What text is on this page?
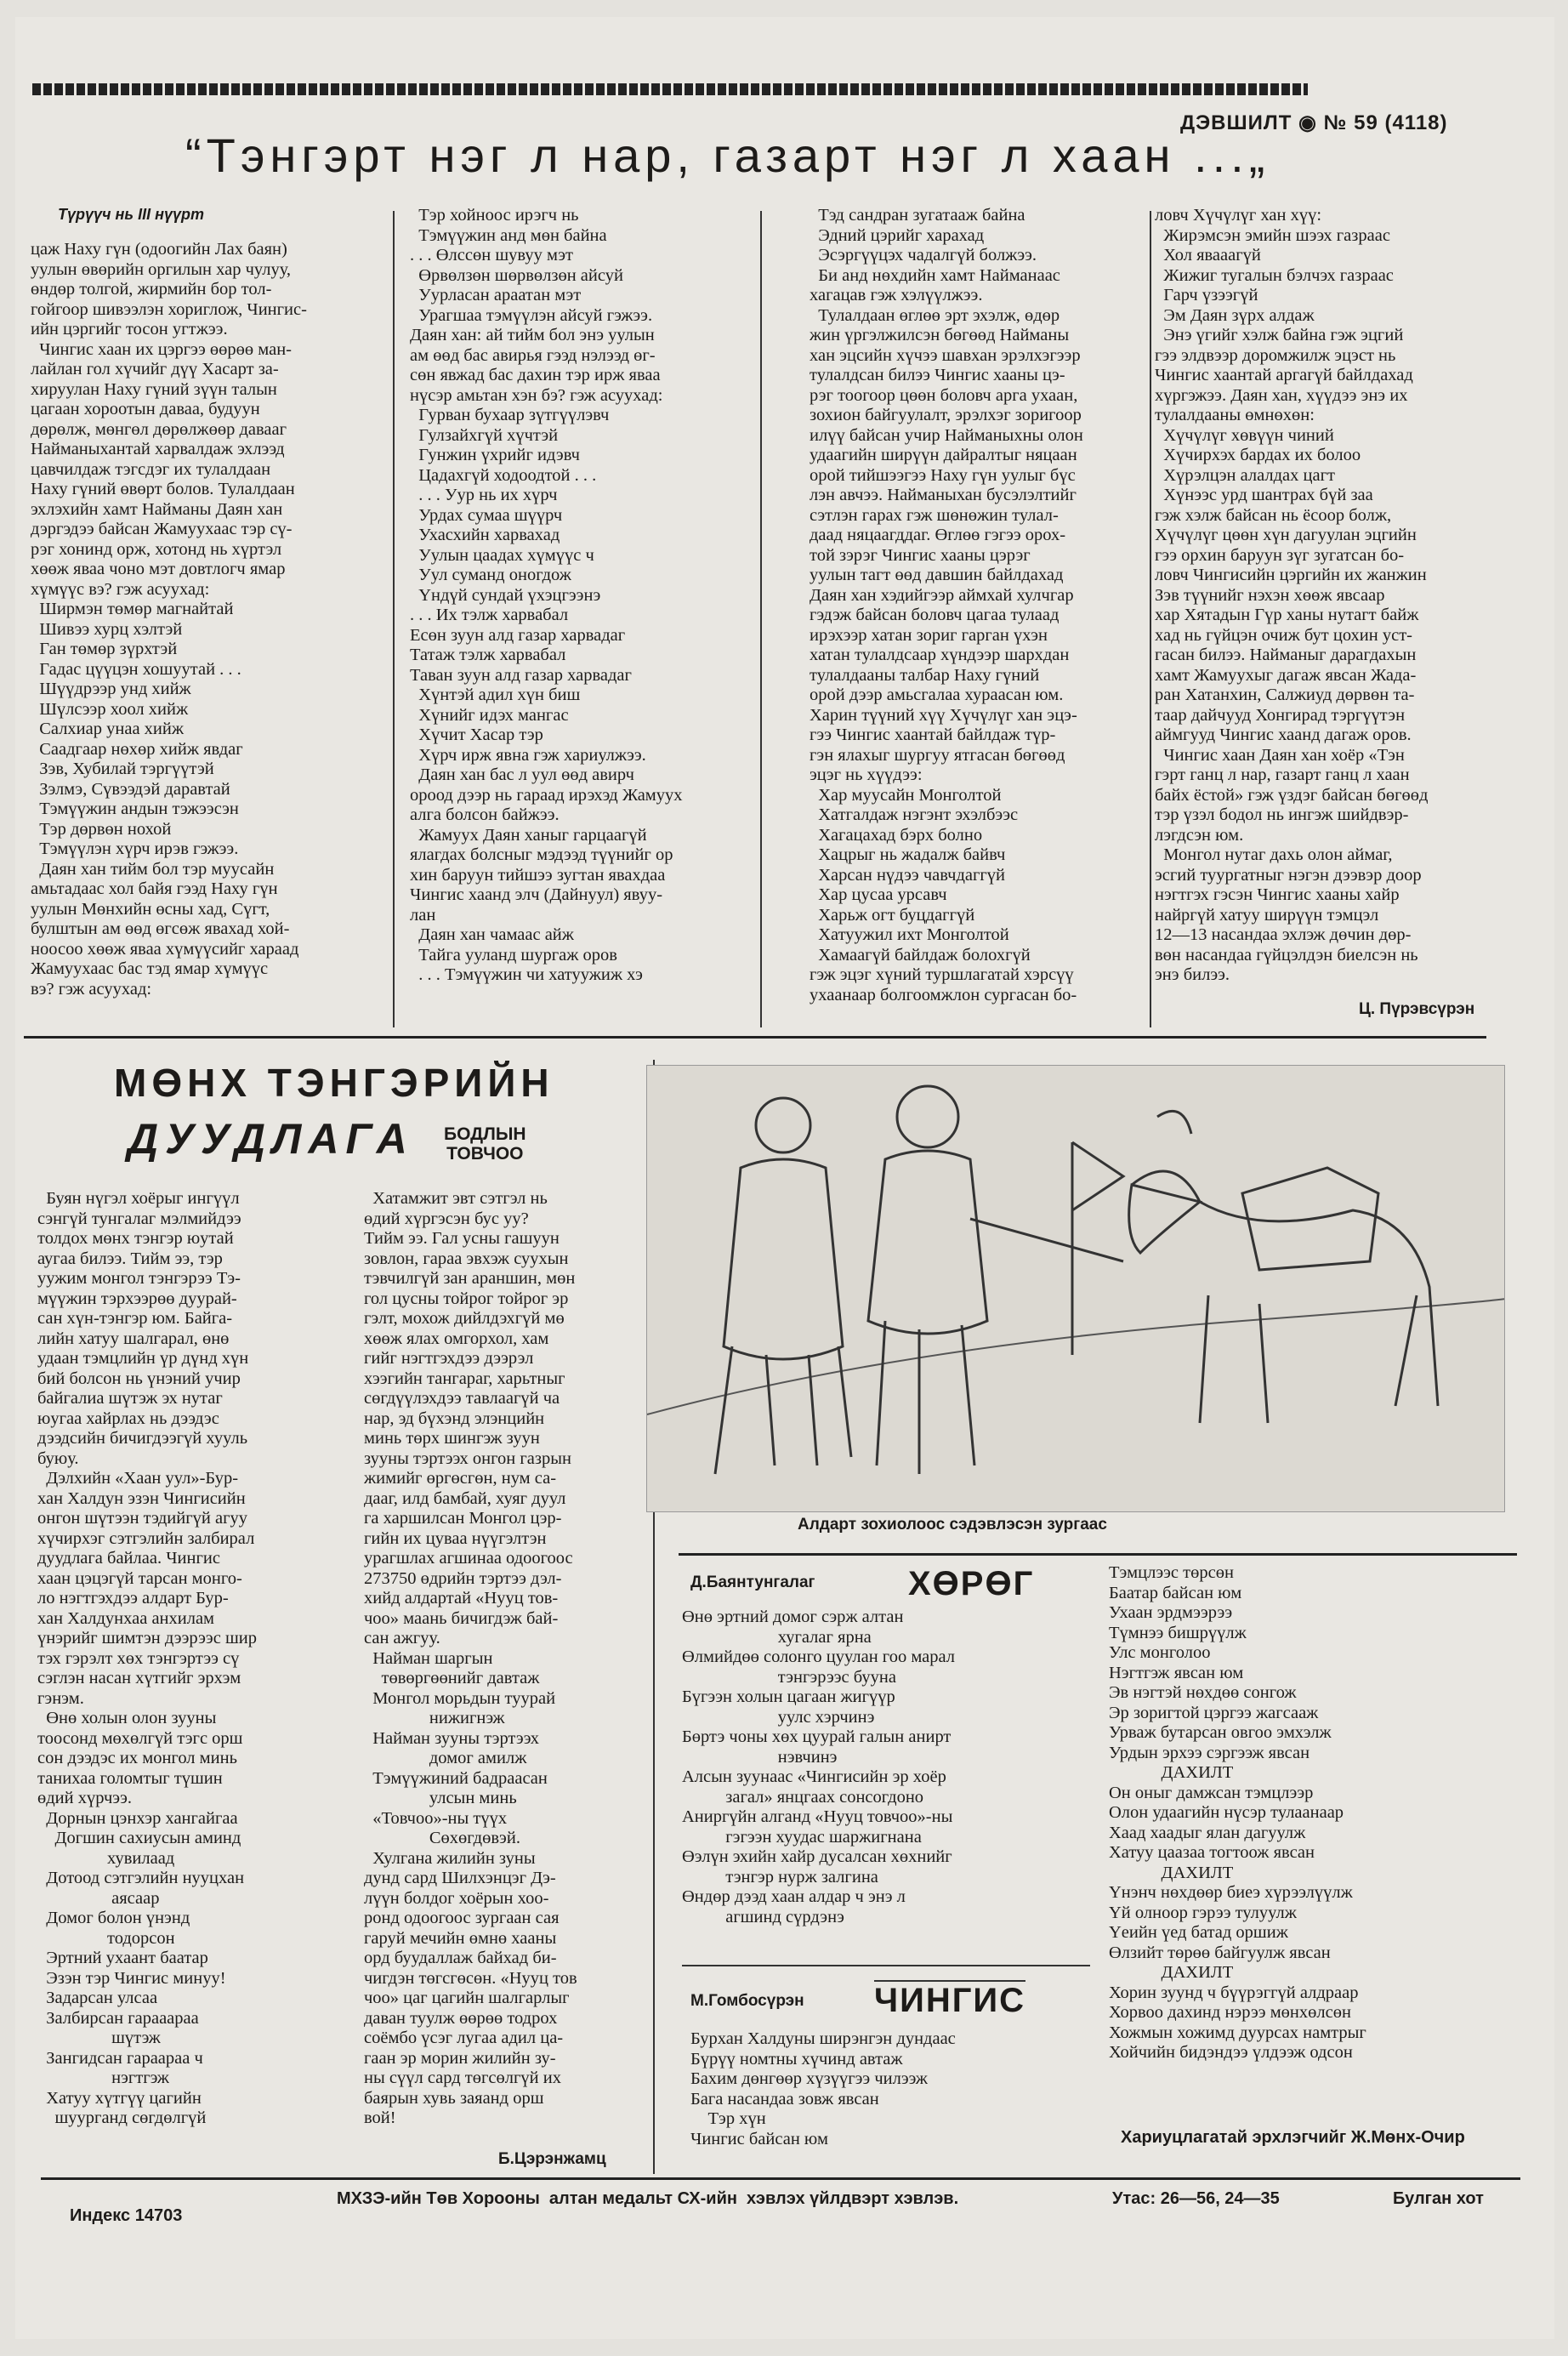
ДЭВШИЛТ ◉ № 59 (4118)
“Тэнгэрт нэг л нар, газарт нэг л хаан ...„
Түрүүч нь III нүүрт
цаж Наху гүн (одоогийн Лах баян)
уулын өвөрийн оргилын хар чулуу,
өндөр толгой, жирмийн бор тол-
гойгоор шивээлэн хориглож, Чингис-
ийн цэргийг тосон угтжээ.
Чингис хаан их цэргээ өөрөө ман-
лайлан гол хүчийг дүү Хасарт за-
хируулан Наху гүний зүүн талын
цагаан хороотын даваа, будуун
дөрөлж, мөнгөл дөрөлжөөр давааг
Найманыхантай харвалдаж эхлээд
цавчилдаж тэгсдэг их тулалдаан
Наху гүний өвөрт болов. Тулалдаан
эхлэхийн хамт Найманы Даян хан
дэргэдээ байсан Жамуухаас тэр сү-
рэг хонинд орж, хотонд нь хүртэл
хөөж яваа чоно мэт довтлогч ямар
хүмүүс вэ? гэж асуухад:
Ширмэн төмөр магнайтай
Шивээ хурц хэлтэй
Ган төмөр зүрхтэй
Гадас цүүцэн хошуутай . . .
Шүүдрээр унд хийж
Шүлсээр хоол хийж
Салхиар унаа хийж
Саадгаар нөхөр хийж явдаг
Зэв, Хубилай тэргүүтэй
Зэлмэ, Сүвээдэй даравтай
Тэмүүжин андын тэжээсэн
Тэр дөрвөн нохой
Тэмүүлэн хүрч ирэв гэжээ.
Даян хан тийм бол тэр муусайн
амьтадаас хол байя гээд Наху гүн
уулын Мөнхийн өсны хад, Сүгт,
булштын ам өөд өгсөж явахад хой-
ноосоо хөөж яваа хүмүүсийг хараад
Жамуухаас бас тэд ямар хүмүүс
вэ? гэж асуухад:
Тэр хойноос ирэгч нь
Тэмүүжин анд мөн байна
. . . Өлссөн шувуу мэт
Өрвөлзөн шөрвөлзөн айсуй
Уурласан араатан мэт
Урагшаа тэмүүлэн айсуй гэжээ.
Даян хан: ай тийм бол энэ уулын
ам өөд бас авирья гээд нэлээд өг-
сөн явжад бас дахин тэр ирж яваа
нүсэр амьтан хэн бэ? гэж асуухад:
Гурван бухаар зүтгүүлэвч
Гулзайхгүй хүчтэй
Гунжин үхрийг идэвч
Цадахгүй ходоодтой . . .
. . . Уур нь их хүрч
Урдах сумаа шүүрч
Ухасхийн харвахад
Уулын цаадах хүмүүс ч
Уул суманд оногдож
Үндүй сундай үхэцгээнэ
. . . Их тэлж харвабал
Есөн зуун алд газар харвадаг
Татаж тэлж харвабал
Таван зуун алд газар харвадаг
Хүнтэй адил хүн биш
Хүнийг идэх мангас
Хүчит Хасар тэр
Хүрч ирж явна гэж хариулжээ.
Даян хан бас л уул өөд авирч
ороод дээр нь гараад ирэхэд Жамуух
алга болсон байжээ.
Жамуух Даян ханыг гарцаагүй
ялагдах болсныг мэдээд түүнийг ор
хин баруун тийшээ зугтан явахдаа
Чингис хаанд элч (Дайнуул) явуу-
лан
Даян хан чамаас айж
Тайга ууланд шургаж оров
. . . Тэмүүжин чи хатуужиж хэ
Тэд сандран зугатааж байна
Эдний цэрийг харахад
Эсэргүүцэх чадалгүй болжээ.
Би анд нөхдийн хамт Найманаас
хагацав гэж хэлүүлжээ.
Тулалдаан өглөө эрт эхэлж, өдөр
жин үргэлжилсэн бөгөөд Найманы
хан эцсийн хүчээ шавхан эрэлхэгээр
тулалдсан билээ Чингис хааны цэ-
рэг тоогоор цөөн боловч арга ухаан,
зохион байгуулалт, эрэлхэг зоригоор
илүү байсан учир Найманыхны олон
удаагийн ширүүн дайралтыг няцаан
орой тийшээгээ Наху гүн уулыг бүс
лэн авчээ. Найманыхан бусэлэлтийг
сэтлэн гарах гэж шөнөжин тулал-
даад няцаагддаг. Өглөө гэгээ орох-
той зэрэг Чингис хааны цэрэг
уулын тагт өөд давшин байлдахад
Даян хан хэдийгээр аймхай хулчгар
гэдэж байсан боловч цагаа тулаад
ирэхээр хатан зориг гарган үхэн
хатан тулалдсаар хүндээр шархдан
тулалдааны талбар Наху гүний
орой дээр амьсгалаа хураасан юм.
Харин түүний хүү Хүчүлүг хан эцэ-
гээ Чингис хаантай байлдаж түр-
гэн ялахыг шургуу ятгасан бөгөөд
эцэг нь хүүдээ:
Хар муусайн Монголтой
Хатгалдаж нэгэнт эхэлбээс
Хагацахад бэрх болно
Хацрыг нь жадалж байвч
Харсан нүдээ чавчдаггүй
Хар цусаа урсавч
Харьж огт буцдаггүй
Хатуужил ихт Монголтой
Хамаагүй байлдаж болохгүй
гэж эцэг хүний туршлагатай хэрсүү
ухаанаар болгоомжлон сургасан бо-
ловч Хүчүлүг хан хүү:
Жирэмсэн эмийн шээх газраас
Хол явааагүй
Жижиг тугалын бэлчэх газраас
Гарч үзээгүй
Эм Даян зүрх алдаж
Энэ үгийг хэлж байна гэж эцгий
гээ элдвээр доромжилж эцэст нь
Чингис хаантай аргагүй байлдахад
хүргэжээ. Даян хан, хүүдээ энэ их
тулалдааны өмнөхөн:
Хүчүлүг хөвүүн чиний
Хүчирхэх бардах их болоо
Хүрэлцэн алалдах цагт
Хүнээс урд шантрах бүй заа
гэж хэлж байсан нь ёсоор болж,
Хүчүлүг цөөн хүн дагуулан эцгийн
гээ орхин баруун зүг зугатсан бо-
ловч Чингисийн цэргийн их жанжин
Зэв түүнийг нэхэн хөөж явсаар
хар Хятадын Гүр ханы нутагт байж
хад нь гүйцэн очиж бут цохин уст-
гасан билээ. Найманыг дарагдахын
хамт Жамуухыг дагаж явсан Жада-
ран Хатанхин, Салжиуд дөрвөн та-
таар дайчууд Хонгирад тэргүүтэн
аймгууд Чингис хаанд дагаж оров.
Чингис хаан Даян хан хоёр «Тэн
гэрт ганц л нар, газарт ганц л хаан
байх ёстой» гэж үздэг байсан бөгөөд
тэр үзэл бодол нь ингэж шийдвэр-
лэгдсэн юм.
Монгол нутаг дахь олон аймаг,
эсгий туургатныг нэгэн дээвэр доор
нэгтгэх гэсэн Чингис хааны хайр
найргүй хатуу ширүүн тэмцэл
12—13 насандаа эхлэж дөчин дөр-
вөн насандаа гүйцэлдэн биелсэн нь
энэ билээ.
Ц. Пүрэвсүрэн
МӨНХ ТЭНГЭРИЙН
ДУУДЛАГА БОДЛЫН
ТОВЧОО
Буян нүгэл хоёрыг ингүүл
сэнгүй тунгалаг мэлмийдээ
толдох мөнх тэнгэр юутай
аугаа билээ. Тийм ээ, тэр
уужим монгол тэнгэрээ Тэ-
мүүжин тэрхээрөө дуурай-
сан хүн-тэнгэр юм. Байга-
лийн хатуу шалгарал, өнө
удаан тэмцлийн үр дүнд хүн
бий болсон нь үнэний учир
байгалиа шүтэж эх нутаг
юугаа хайрлах нь дээдэс
дээдсийн бичигдээгүй хууль
буюу.
Дэлхийн «Хаан уул»-Бур-
хан Халдун эзэн Чингисийн
онгон шүтээн тэдийгүй агуу
хүчирхэг сэтгэлийн залбирал
дуудлага байлаа. Чингис
хаан цэцэгүй тарсан монго-
ло нэгтгэхдээ алдарт Бур-
хан Халдунхаа анхилам
үнэрийг шимтэн дээрээс шир
тэх гэрэлт хөх тэнгэртээ сү
сэглэн насан хүтгийг эрхэм
гэнэм.
Өнө холын олон зууны
тоосонд мөхөлгүй тэгс орш
сон дээдэс их монгол минь
танихаа голомтыг түшин
өдий хүрчээ.
Дорнын цэнхэр хангайгаа
Догшин сахиусын аминд
хувилаад
Дотоод сэтгэлийн нууцхан
аясаар
Домог болон үнэнд
тодорсон
Эртний ухаант баатар
Эзэн тэр Чингис минуу!
Задарсан улсаа
Залбирсан гарааараа
шүтэж
Зангидсан гараараа ч
нэгтгэж
Хатуу хүтгүү цагийн
шуурганд сөгдөлгүй
Хатамжит эвт сэтгэл нь
өдий хүргэсэн бус уу?
Тийм ээ. Гал усны гашуун
зовлон, гараа эвхэж суухын
тэвчилгүй зан араншин, мөн
гол цусны тойрог тойрог эр
гэлт, мохож дийлдэхгүй мө
хөөж ялах омгорхол, хам
гийг нэгтгэхдээ дээрэл
хээгийн тангараг, харьтныг
сөгдүүлэхдээ тавлаагүй ча
нар, эд бүхэнд элэнцийн
минь төрх шингэж зуун
зууны тэртээх онгон газрын
жимийг өргөсгөн, нум са-
дааг, илд бамбай, хуяг дуул
га харшилсан Монгол цэр-
гийн их цуваа нүүгэлтэн
урагшлах агшинаа одоогоос
273750 өдрийн тэртээ дэл-
хийд алдартай «Нууц тов-
чоо» маань бичигдэж бай-
сан ажгуу.
Найман шаргын
төвөргөөнийг давтаж
Монгол морьдын туурай
нижигнэж
Найман зууны тэртээх
домог амилж
Тэмүүжиний бадраасан
улсын минь
«Товчоо»-ны түүх
Сөхөгдөвэй.
Хулгана жилийн зуны
дунд сард Шилхэнцэг Дэ-
лүүн болдог хоёрын хоо-
ронд одоогоос зургаан сая
гаруй мечийн өмнө хааны
орд буудаллаж байхад би-
чигдэн төгсгөсөн. «Нууц тов
чоо» цаг цагийн шалгарлыг
даван туулж өөрөө тодрох
соёмбо үсэг лугаа адил ца-
гаан эр морин жилийн зу-
ны сүүл сард төгсөлгүй их
баярын хувь заяанд орш
вой!
Б.Цэрэнжамц
Алдарт зохиолоос сэдэвлэсэн зургаас
Д.Баянтунгалаг	ХӨРӨГ
Өнө эртний домог сэрж алтан
хугалаг ярна
Өлмийдөө солонго цуулан гоо марал
тэнгэрээс бууна
Бүгээн холын цагаан жигүүр
уулс хэрчинэ
Бөртэ чоны хөх цуурай галын анирт
нэвчинэ
Алсын зуунаас «Чингисийн эр хоёр
загал» янцгаах сонсогдоно
Аниргүйн алганд «Нууц товчоо»-ны
гэгээн хуудас шаржигнана
Өэлүн эхийн хайр дусалсан хөхнийг
тэнгэр нурж залгина
Өндөр дээд хаан алдар ч энэ л
агшинд сүрдэнэ
М.Гомбосүрэн ЧИНГИС
Бурхан Халдуны ширэнгэн дундаас
Бүрүү номтны хүчинд автаж
Бахим дөнгөөр хүзүүгээ чилээж
Бага насандаа зовж явсан
Тэр хүн
Чингис байсан юм
Тэмцлээс төрсөн
Баатар байсан юм
Ухаан эрдмээрээ
Түмнээ бишрүүлж
Улс монголоо
Нэгтгэж явсан юм
Эв нэгтэй нөхдөө сонгож
Эр зоригтой цэргээ жагсааж
Урваж бутарсан овгоо эмхэлж
Урдын эрхээ сэргээж явсан
ДАХИЛТ
Он оныг дамжсан тэмцлээр
Олон удаагийн нүсэр тулаанаар
Хаад хаадыг ялан дагуулж
Хатуу цаазаа тогтоож явсан
ДАХИЛТ
Үнэнч нөхдөөр биеэ хүрээлүүлж
Үй олноор гэрээ тулуулж
Үеийн үед батад оршиж
Өлзийт төрөө байгуулж явсан
ДАХИЛТ
Хорин зуунд ч бүүрэггүй алдраар
Хорвоо дахинд нэрээ мөнхөлсөн
Хожмын хожимд дуурсах намтрыг
Хойчийн бидэндээ үлдээж одсон
Хариуцлагатай эрхлэгчийг Ж.Мөнх-Очир
Индекс 14703
МХЗЭ-ийн Төв Хорооны  алтан медальт СХ-ийн  хэвлэх үйлдвэрт хэвлэв.	Утас: 26—56, 24—35	Булган хот
